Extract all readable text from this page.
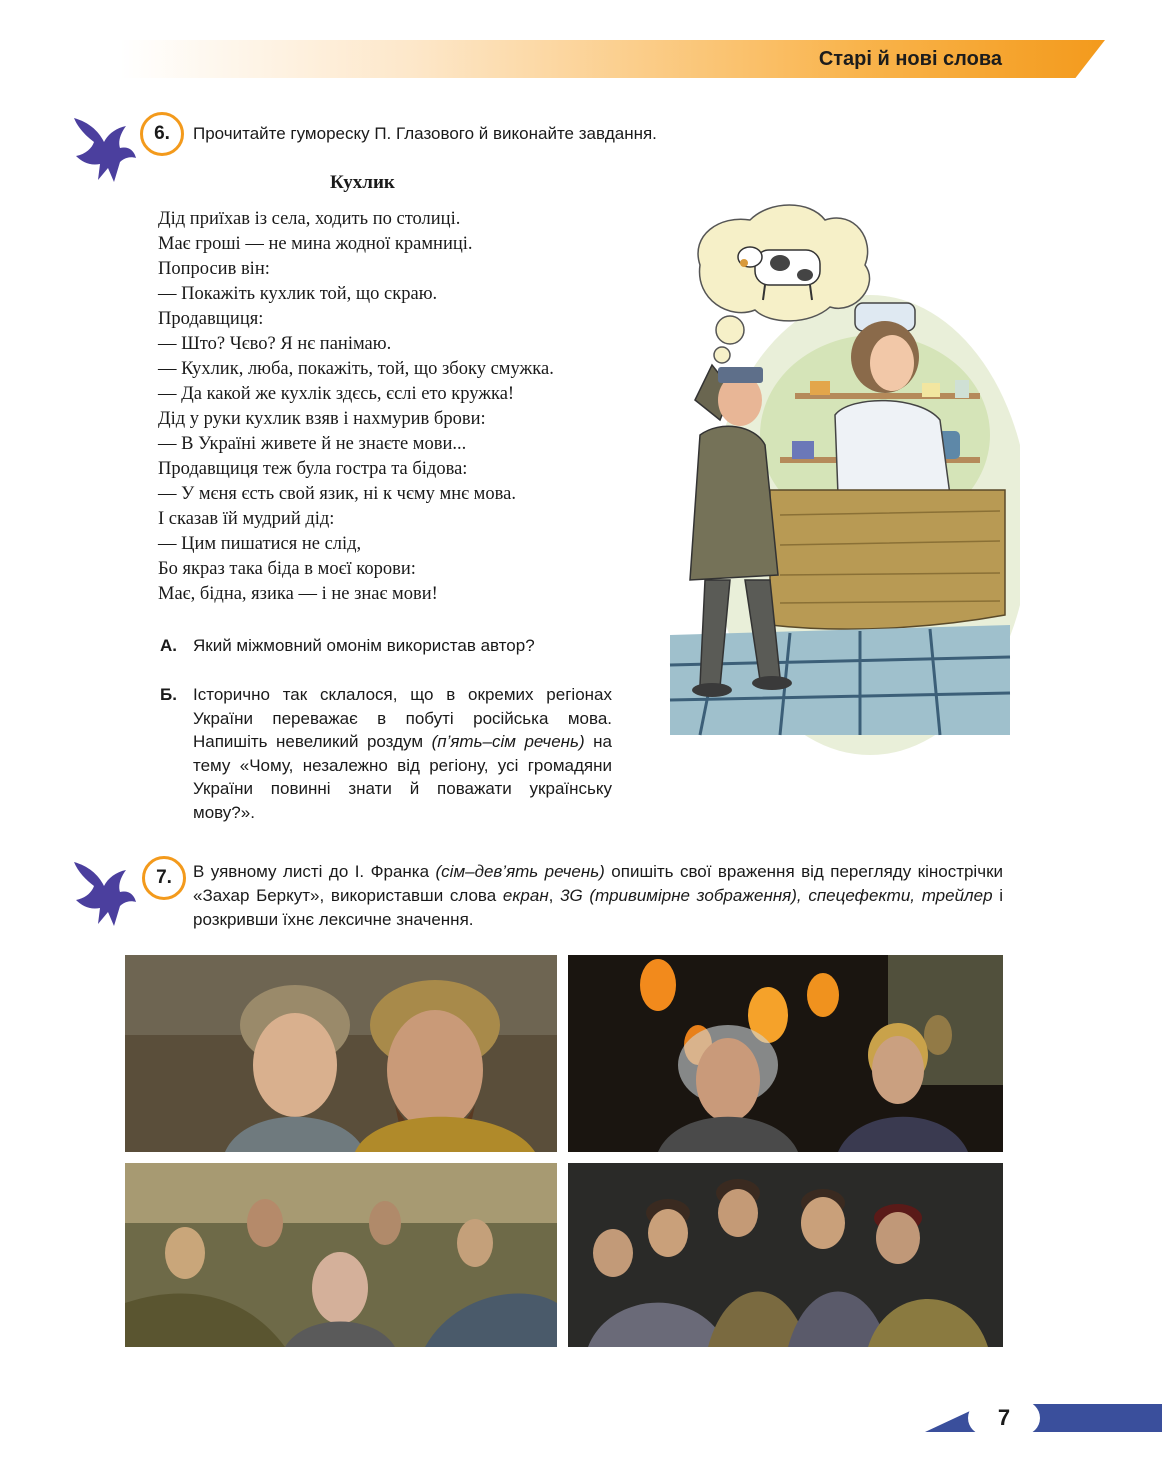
Старі й нові слова
6. Прочитайте гумореску П. Глазового й виконайте завдання.
Кухлик
Дід приїхав із села, ходить по столиці.
Має гроші — не мина жодної крамниці.
Попросив він:
— Покажіть кухлик той, що скраю.
Продавщиця:
— Што? Чєво? Я нє панімаю.
— Кухлик, люба, покажіть, той, що збоку смужка.
— Да какой же кухлік здєсь, єслі ето кружка!
Дід у руки кухлик взяв і нахмурив брови:
— В Україні живете й не знаєте мови...
Продавщиця теж була гостра та бідова:
— У мєня єсть свой язик, ні к чєму мнє мова.
І сказав їй мудрий дід:
— Цим пишатися не слід,
Бо якраз така біда в моєї корови:
Має, бідна, язика — і не знає мови!
А. Який міжмовний омонім використав автор?
Б. Історично так склалося, що в окремих регіонах України переважає в побуті російська мова. Напишіть невеликий роздум (п’ять–сім речень) на тему «Чому, незалежно від регіону, усі громадяни України повинні знати й поважати українську мову?».
7. В уявному листі до І. Франка (сім–дев’ять речень) опишіть свої враження від перегляду кінострічки «Захар Беркут», використавши слова екран, 3G (тривимірне зображення), спецефекти, трейлер і розкривши їхнє лексичне значення.
7
